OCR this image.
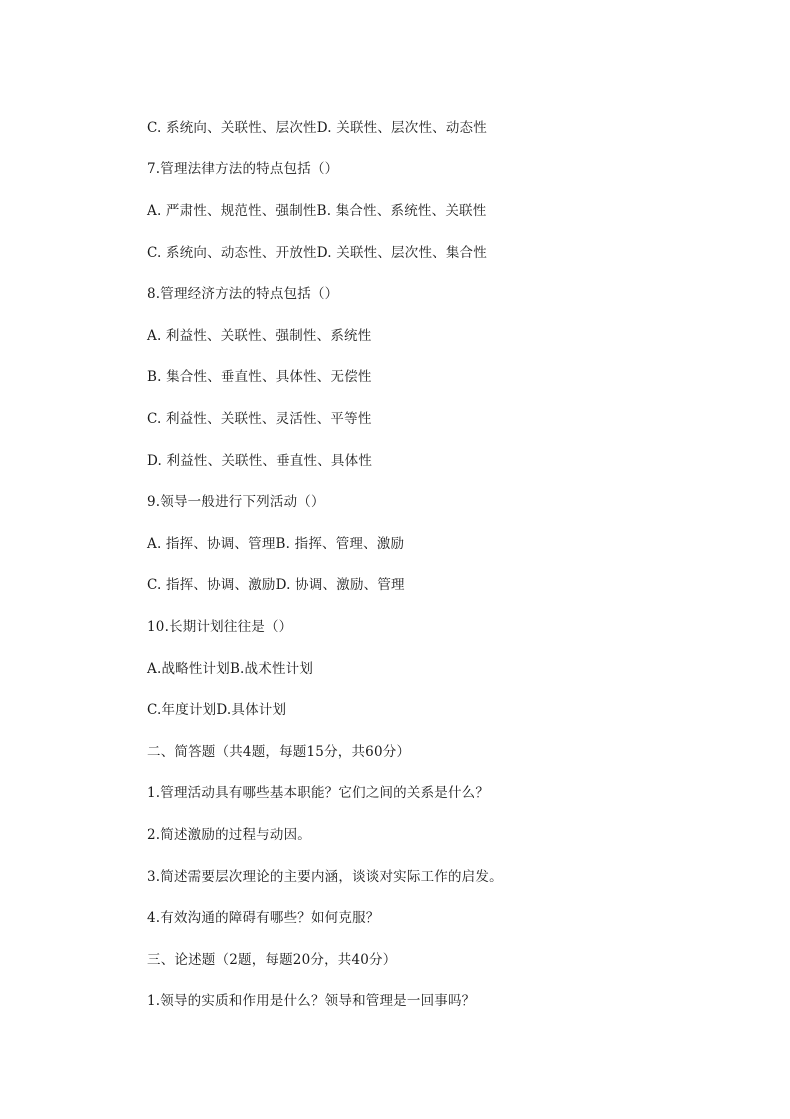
C. 系统向、关联性、层次性D. 关联性、层次性、动态性
7.管理法律方法的特点包括（）
A. 严肃性、规范性、强制性B. 集合性、系统性、关联性
C. 系统向、动态性、开放性D. 关联性、层次性、集合性
8.管理经济方法的特点包括（）
A. 利益性、关联性、强制性、系统性
B. 集合性、垂直性、具体性、无偿性
C. 利益性、关联性、灵活性、平等性
D. 利益性、关联性、垂直性、具体性
9.领导一般进行下列活动（）
A. 指挥、协调、管理B. 指挥、管理、激励
C. 指挥、协调、激励D. 协调、激励、管理
10.长期计划往往是（）
A.战略性计划B.战术性计划
C.年度计划D.具体计划
二、简答题（共4题，每题15分，共60分）
1.管理活动具有哪些基本职能？它们之间的关系是什么？
2.简述激励的过程与动因。
3.简述需要层次理论的主要内涵，谈谈对实际工作的启发。
4.有效沟通的障碍有哪些？如何克服？
三、论述题（2题，每题20分，共40分）
1.领导的实质和作用是什么？领导和管理是一回事吗？
